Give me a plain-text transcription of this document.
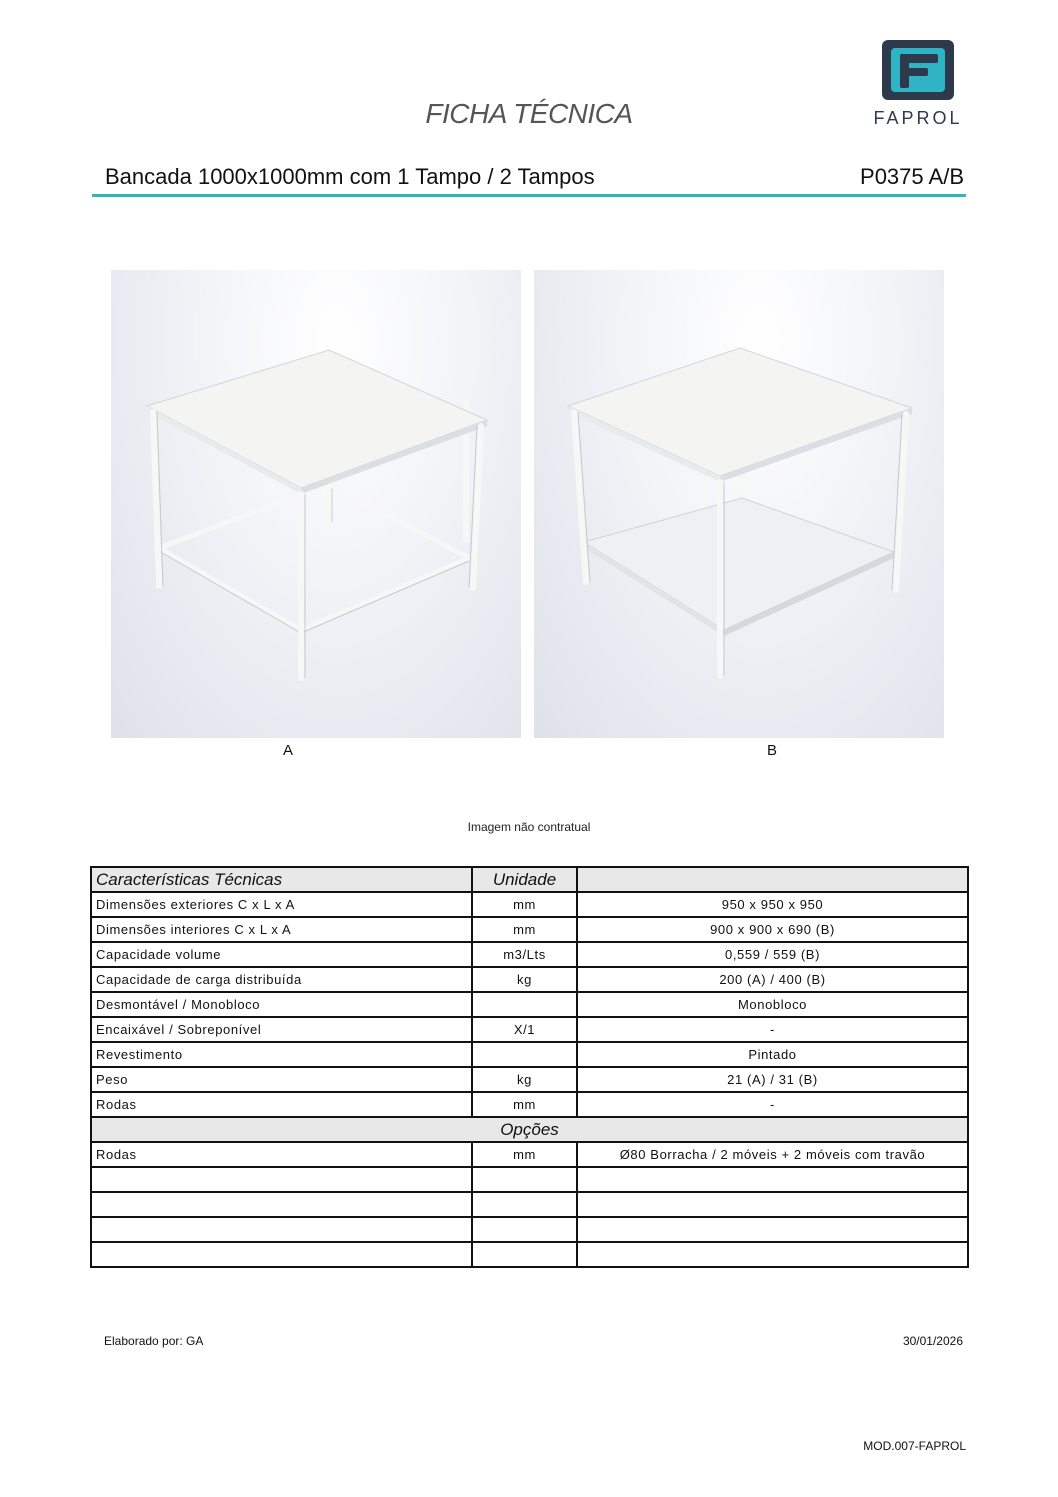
FICHA TÉCNICA	FAPROL
Bancada 1000x1000mm com 1 Tampo / 2 Tampos	P0375 A/B
A	B
Imagem não contratual
Características Técnicas	Unidade	
Dimensões exteriores C x L x A	mm	950 x 950 x 950
Dimensões interiores C x L x A	mm	900 x 900 x 690 (B)
Capacidade volume	m3/Lts	0,559 / 559 (B)
Capacidade de carga distribuída	kg	200 (A) / 400 (B)
Desmontável / Monobloco		Monobloco
Encaixável / Sobreponível	X/1	-
Revestimento		Pintado
Peso	kg	21 (A) / 31 (B)
Rodas	mm	-
Opções		
Rodas	mm	Ø80 Borracha / 2 móveis + 2 móveis com travão

Elaborado por: GA	30/01/2026
MOD.007-FAPROL
